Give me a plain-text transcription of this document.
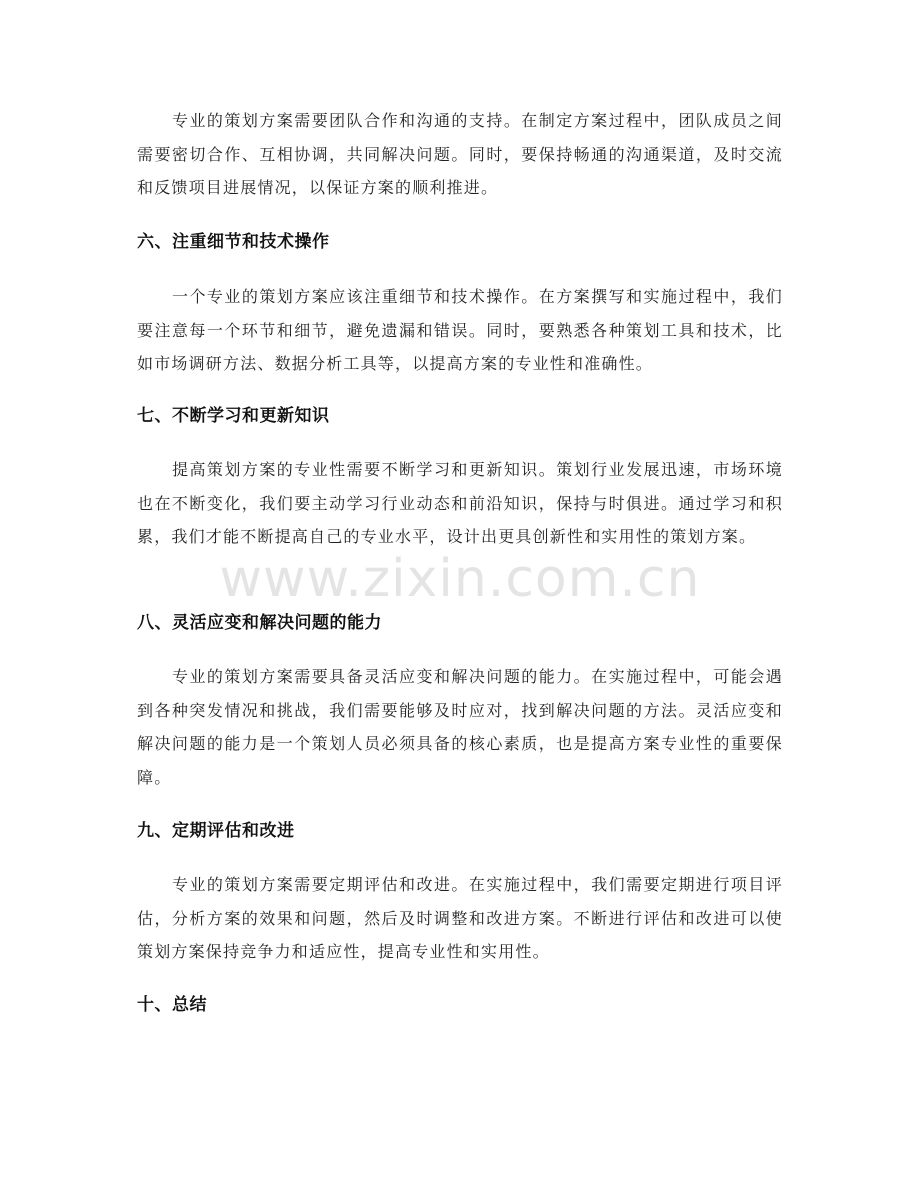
专业的策划方案需要团队合作和沟通的支持。在制定方案过程中，团队成员之间需要密切合作、互相协调，共同解决问题。同时，要保持畅通的沟通渠道，及时交流和反馈项目进展情况，以保证方案的顺利推进。

六、注重细节和技术操作

一个专业的策划方案应该注重细节和技术操作。在方案撰写和实施过程中，我们要注意每一个环节和细节，避免遗漏和错误。同时，要熟悉各种策划工具和技术，比如市场调研方法、数据分析工具等，以提高方案的专业性和准确性。

七、不断学习和更新知识

提高策划方案的专业性需要不断学习和更新知识。策划行业发展迅速，市场环境也在不断变化，我们要主动学习行业动态和前沿知识，保持与时俱进。通过学习和积累，我们才能不断提高自己的专业水平，设计出更具创新性和实用性的策划方案。

八、灵活应变和解决问题的能力

专业的策划方案需要具备灵活应变和解决问题的能力。在实施过程中，可能会遇到各种突发情况和挑战，我们需要能够及时应对，找到解决问题的方法。灵活应变和解决问题的能力是一个策划人员必须具备的核心素质，也是提高方案专业性的重要保障。

九、定期评估和改进

专业的策划方案需要定期评估和改进。在实施过程中，我们需要定期进行项目评估，分析方案的效果和问题，然后及时调整和改进方案。不断进行评估和改进可以使策划方案保持竞争力和适应性，提高专业性和实用性。

十、总结
www.zixin.com.cn
